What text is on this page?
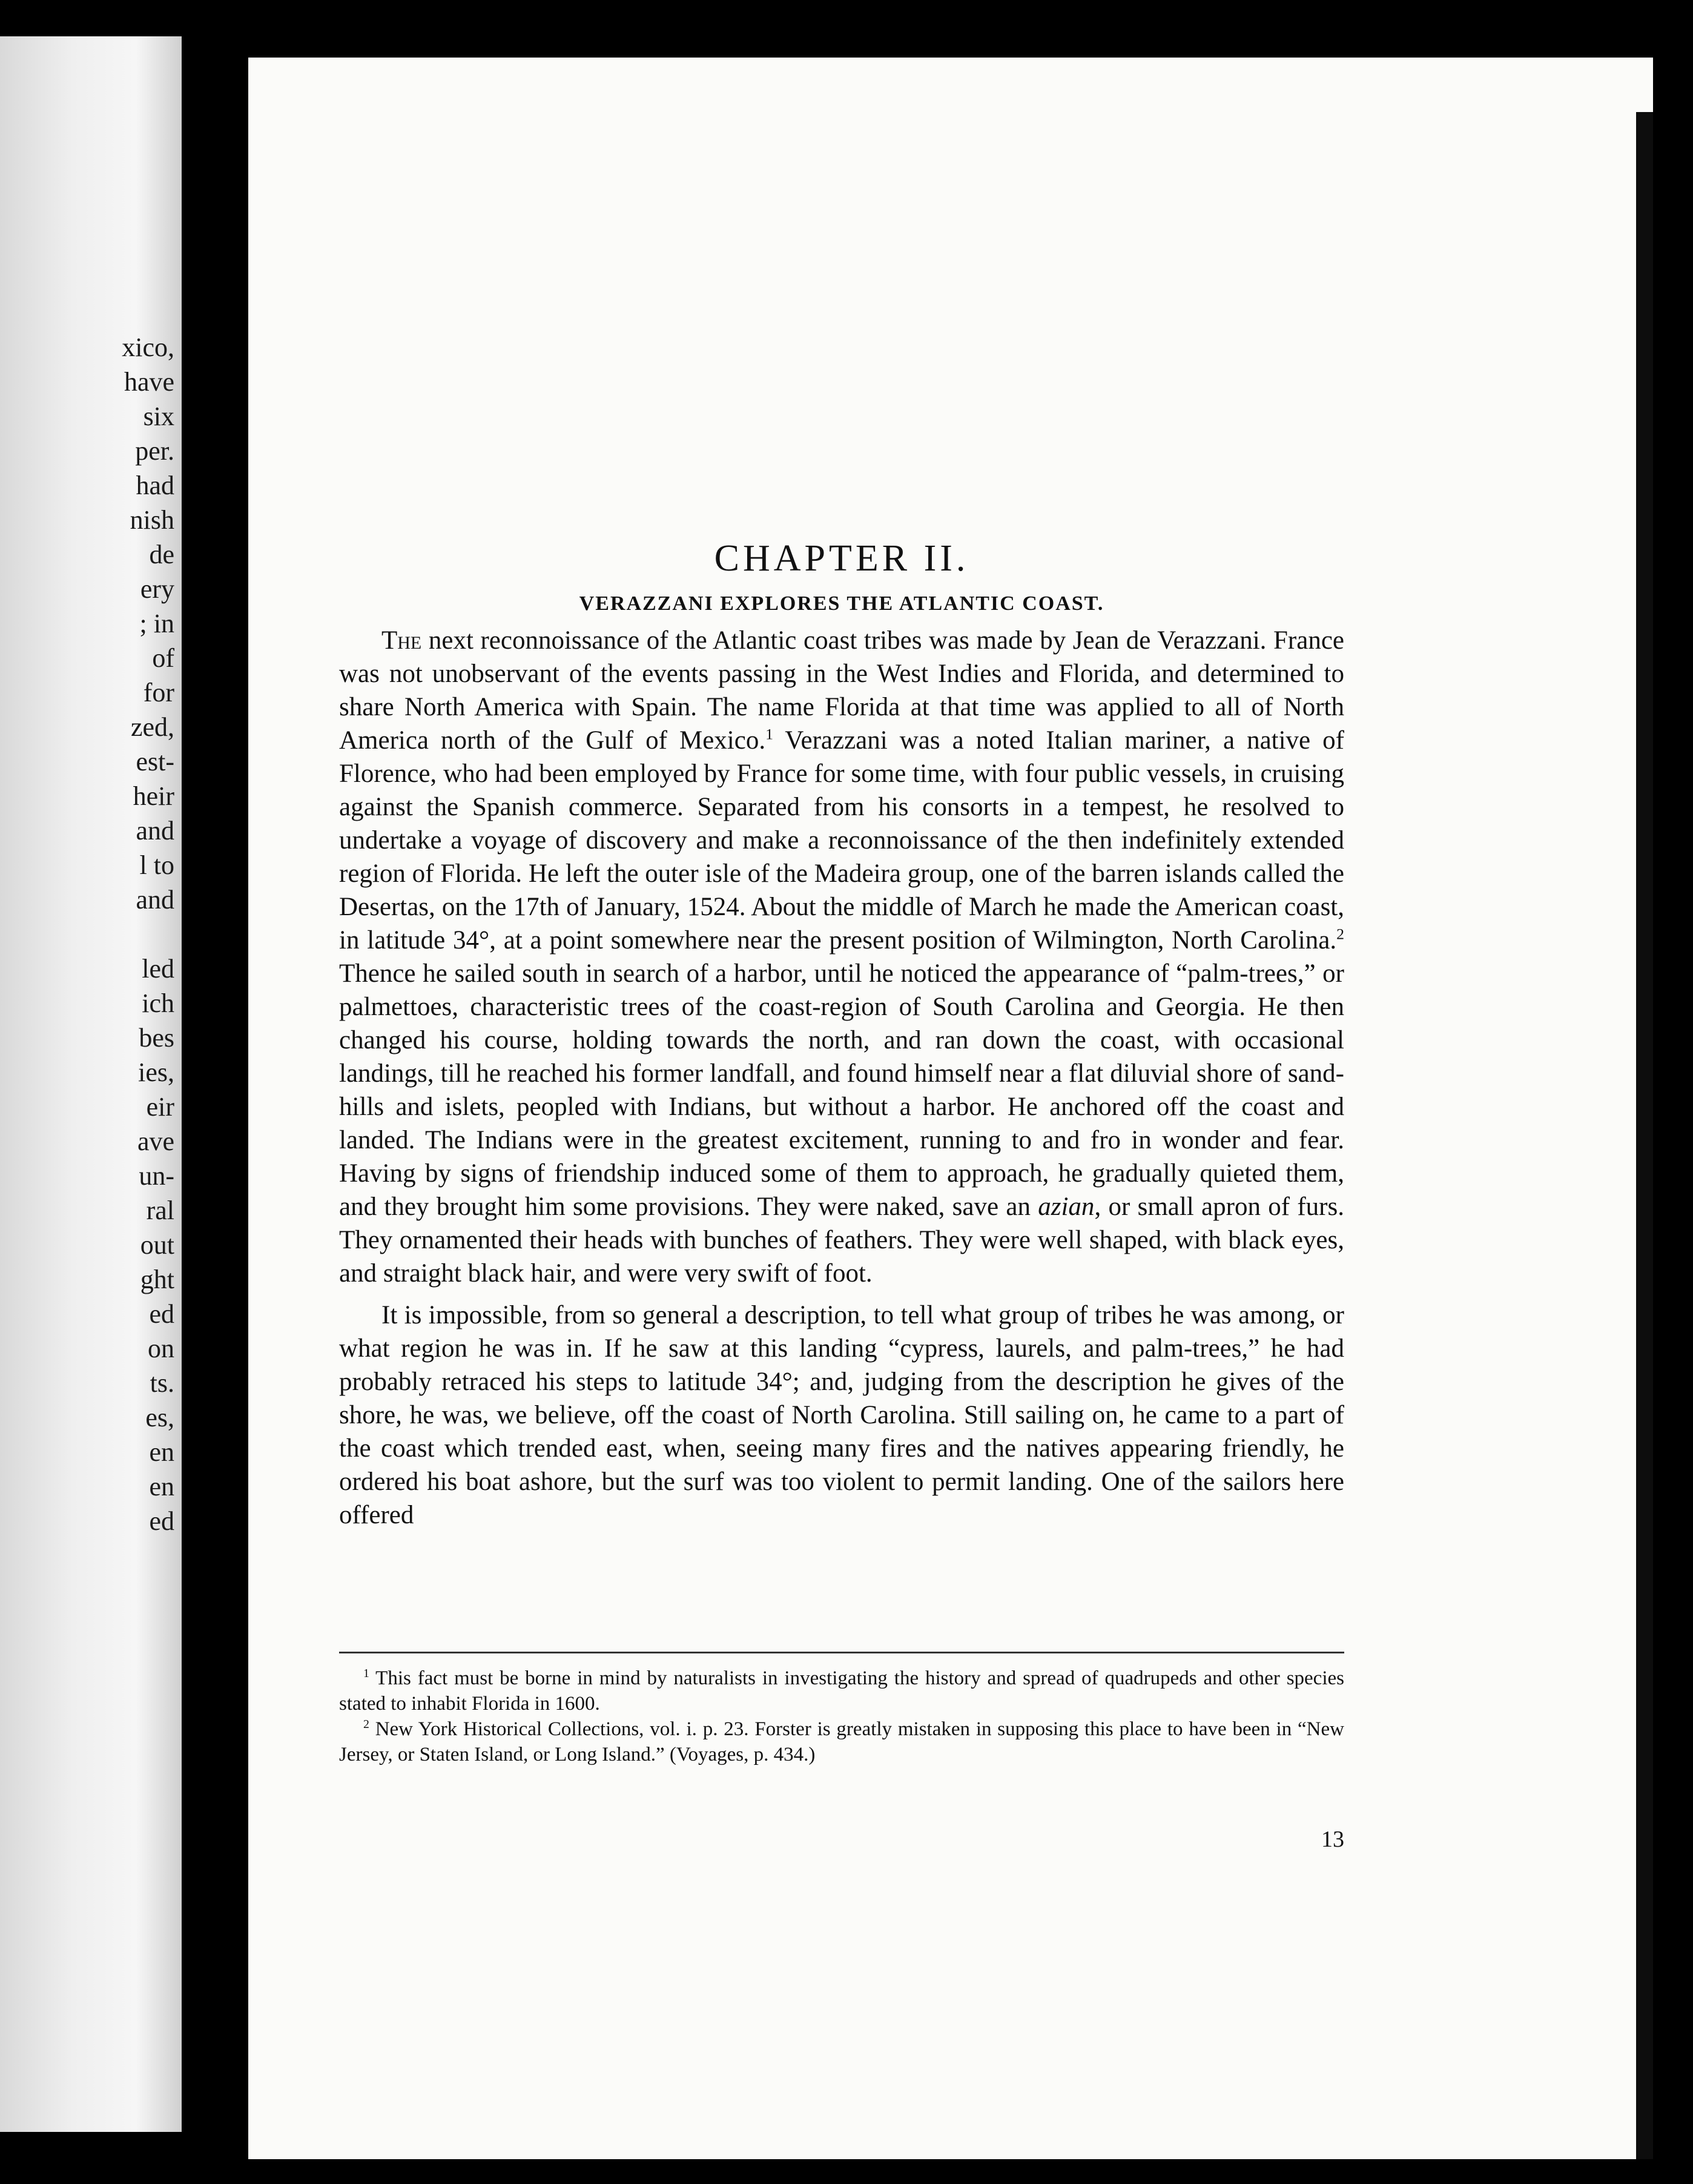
xico,
have
six
per.
had
nish
de
ery
; in
of
for
zed,
est-
heir
and
l to
and
led
ich
bes
ies,
eir
ave
un-
ral
out
ght
ed
on
ts.
es,
en
en
ed
CHAPTER II.
VERAZZANI EXPLORES THE ATLANTIC COAST.

The next reconnoissance of the Atlantic coast tribes was made by Jean de Verazzani. France was not unobservant of the events passing in the West Indies and Florida, and determined to share North America with Spain. The name Florida at that time was applied to all of North America north of the Gulf of Mexico.$^1$ Verazzani was a noted Italian mariner, a native of Florence, who had been employed by France for some time, with four public vessels, in cruising against the Spanish commerce. Separated from his consorts in a tempest, he resolved to undertake a voyage of discovery and make a reconnoissance of the then indefinitely extended region of Florida. He left the outer isle of the Madeira group, one of the barren islands called the Desertas, on the 17th of January, 1524. About the middle of March he made the American coast, in latitude 34°, at a point somewhere near the present position of Wilmington, North Carolina.$^2$ Thence he sailed south in search of a harbor, until he noticed the appearance of “palm-trees,” or palmettoes, characteristic trees of the coast-region of South Carolina and Georgia. He then changed his course, holding towards the north, and ran down the coast, with occasional landings, till he reached his former landfall, and found himself near a flat diluvial shore of sand-hills and islets, peopled with Indians, but without a harbor. He anchored off the coast and landed. The Indians were in the greatest excitement, running to and fro in wonder and fear. Having by signs of friendship induced some of them to approach, he gradually quieted them, and they brought him some provisions. They were naked, save an azian, or small apron of furs. They ornamented their heads with bunches of feathers. They were well shaped, with black eyes, and straight black hair, and were very swift of foot.

It is impossible, from so general a description, to tell what group of tribes he was among, or what region he was in. If he saw at this landing “cypress, laurels, and palm-trees,” he had probably retraced his steps to latitude 34°; and, judging from the description he gives of the shore, he was, we believe, off the coast of North Carolina. Still sailing on, he came to a part of the coast which trended east, when, seeing many fires and the natives appearing friendly, he ordered his boat ashore, but the surf was too violent to permit landing. One of the sailors here offered

$^1$ This fact must be borne in mind by naturalists in investigating the history and spread of quadrupeds and other species stated to inhabit Florida in 1600.

$^2$ New York Historical Collections, vol. i. p. 23. Forster is greatly mistaken in supposing this place to have been in “New Jersey, or Staten Island, or Long Island.” (Voyages, p. 434.)

13
